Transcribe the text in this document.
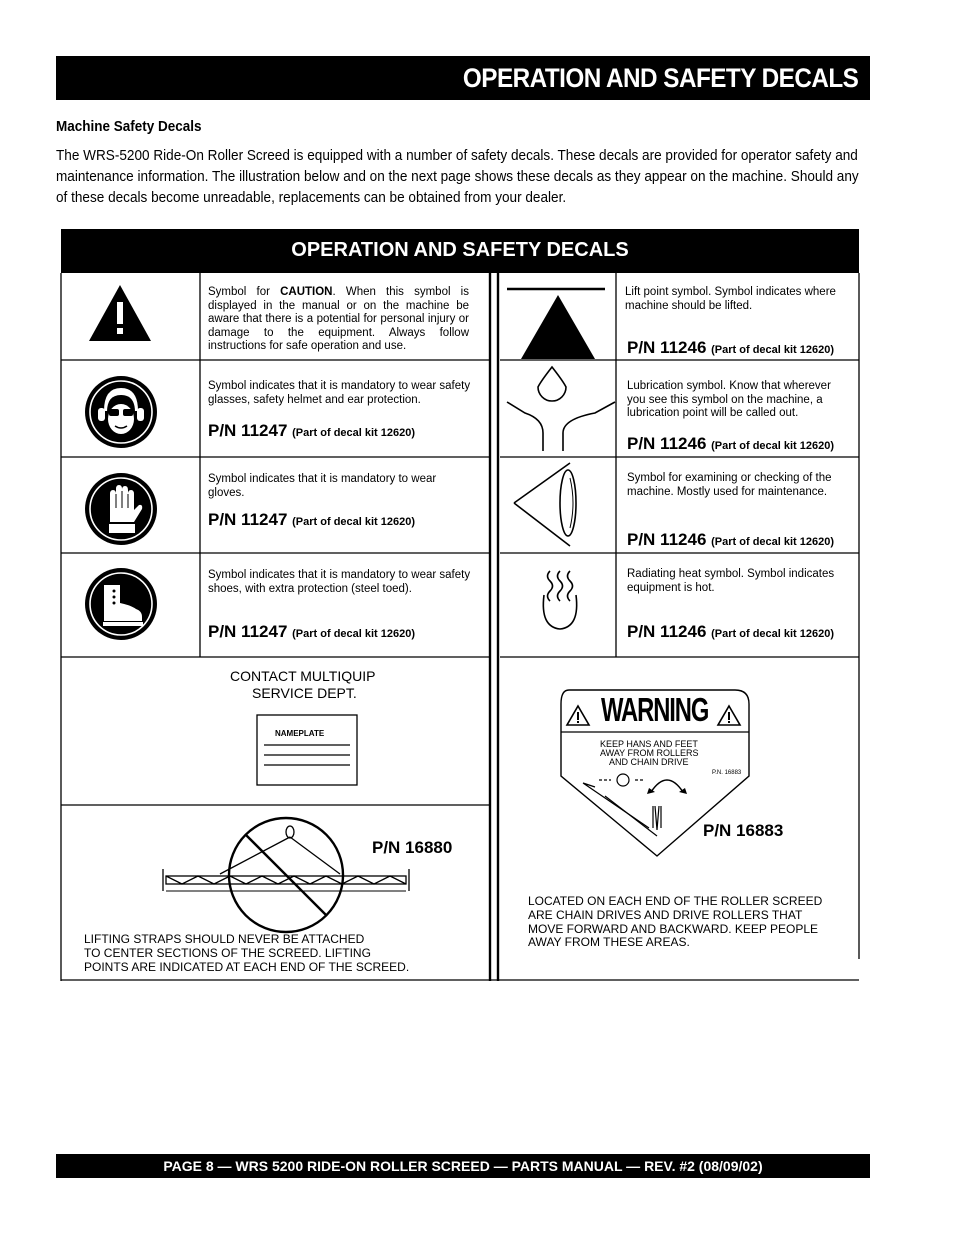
OPERATION AND SAFETY DECALS
Machine Safety Decals
The WRS-5200 Ride-On Roller Screed is equipped with a number of safety decals. These decals are provided for operator safety and maintenance information. The illustration below and on the next page shows these decals as they appear on the machine. Should any of these decals become unreadable, replacements can be obtained from your dealer.
OPERATION AND SAFETY DECALS
Symbol for CAUTION. When this symbol is displayed in the manual or on the machine be aware that there is a potential for personal injury or damage to the equipment. Always follow instructions for safe operation and use.
Lift point symbol. Symbol indicates where machine should be lifted.
P/N 11246 (Part of decal kit 12620)
Symbol indicates that it is mandatory to wear safety glasses, safety helmet and ear protection.
P/N 11247 (Part of decal kit 12620)
Lubrication symbol. Know that wherever you see this symbol on the machine, a lubrication point will be called out.
P/N 11246 (Part of decal kit 12620)
Symbol indicates that it is mandatory to wear gloves.
P/N 11247 (Part of decal kit 12620)
Symbol for examining or checking of the machine. Mostly used for maintenance.
P/N 11246 (Part of decal kit 12620)
Symbol indicates that it is mandatory to wear safety shoes, with extra protection (steel toed).
P/N 11247 (Part of decal kit 12620)
Radiating heat symbol. Symbol indicates equipment is hot.
P/N 11246 (Part of decal kit 12620)
CONTACT MULTIQUIP
SERVICE DEPT.
NAMEPLATE
P/N 16880
LIFTING STRAPS SHOULD NEVER BE ATTACHED
TO CENTER SECTIONS OF THE SCREED. LIFTING
POINTS ARE INDICATED AT EACH END OF THE SCREED.
WARNING
KEEP HANS AND FEET
AWAY FROM ROLLERS
AND CHAIN DRIVE
P.N. 16883
P/N 16883
LOCATED ON EACH END OF THE ROLLER SCREED
ARE CHAIN DRIVES AND DRIVE ROLLERS THAT
MOVE FORWARD AND BACKWARD. KEEP PEOPLE
AWAY FROM THESE AREAS.
PAGE 8 — WRS 5200 RIDE-ON ROLLER SCREED — PARTS MANUAL — REV. #2 (08/09/02)
